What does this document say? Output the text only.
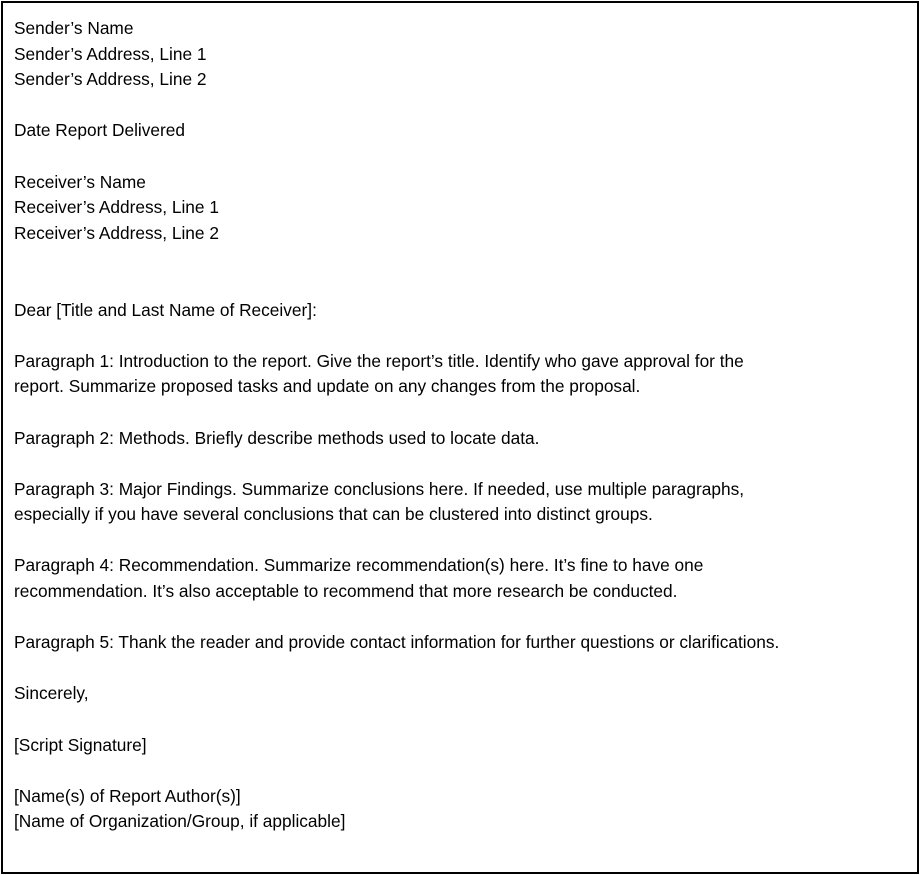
Sender’s Name
Sender’s Address, Line 1
Sender’s Address, Line 2
Date Report Delivered
Receiver’s Name
Receiver’s Address, Line 1
Receiver’s Address, Line 2
Dear [Title and Last Name of Receiver]:
Paragraph 1: Introduction to the report. Give the report’s title. Identify who gave approval for the
report. Summarize proposed tasks and update on any changes from the proposal.
Paragraph 2: Methods. Briefly describe methods used to locate data.
Paragraph 3: Major Findings. Summarize conclusions here. If needed, use multiple paragraphs,
especially if you have several conclusions that can be clustered into distinct groups.
Paragraph 4: Recommendation. Summarize recommendation(s) here. It’s fine to have one
recommendation. It’s also acceptable to recommend that more research be conducted.
Paragraph 5: Thank the reader and provide contact information for further questions or clarifications.
Sincerely,
[Script Signature]
[Name(s) of Report Author(s)]
[Name of Organization/Group, if applicable]
